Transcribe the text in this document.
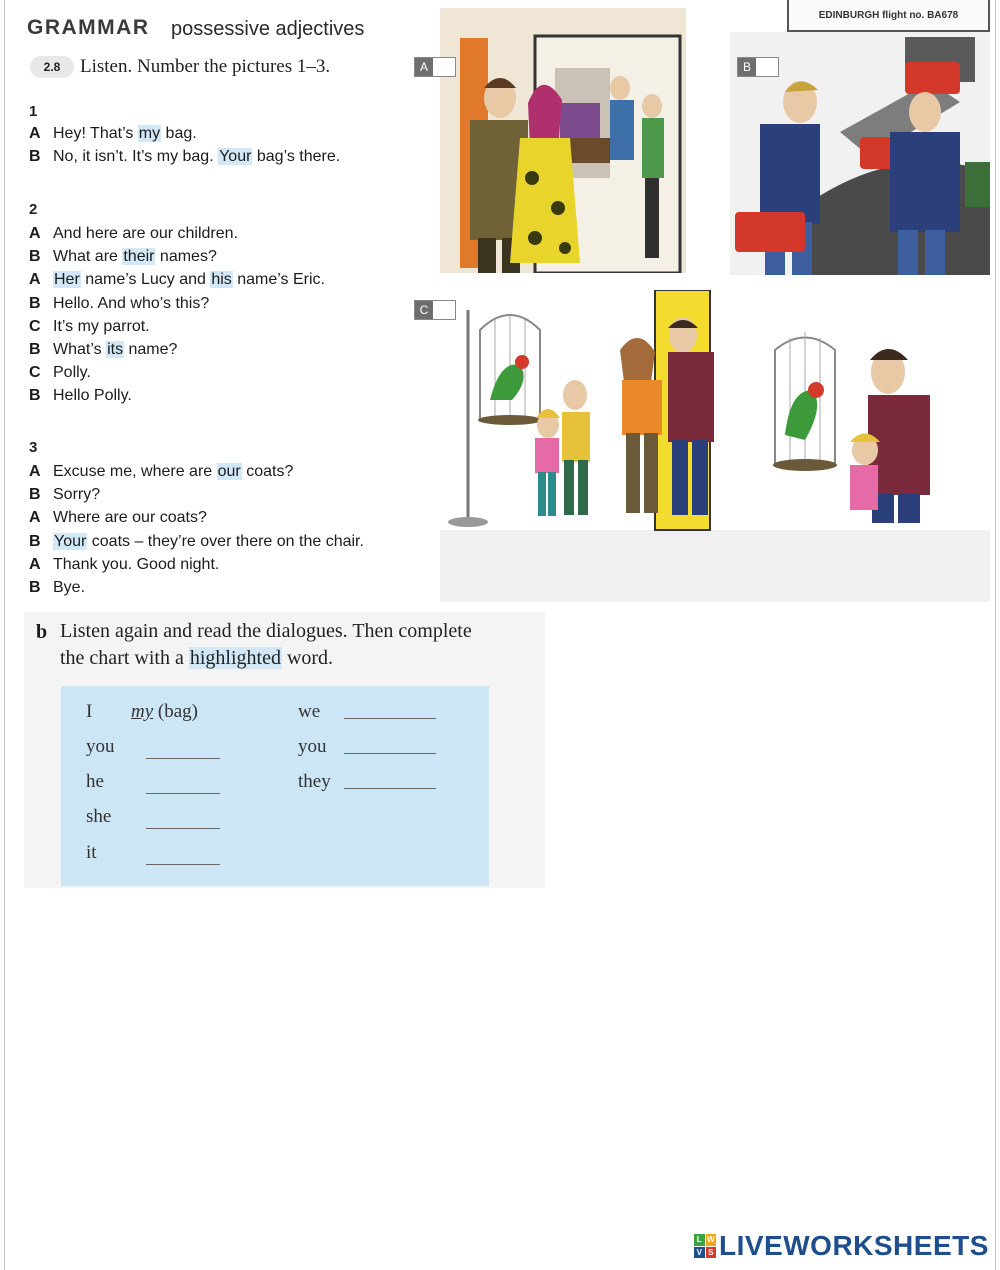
GRAMMAR possessive adjectives
2.8	Listen. Number the pictures 1–3.
1
A Hey! That’s my bag.
B No, it isn’t. It’s my bag. Your bag’s there.
2
A And here are our children.
B What are their names?
A Her name’s Lucy and his name’s Eric.
B Hello. And who’s this?
C It’s my parrot.
B What’s its name?
C Polly.
B Hello Polly.
3
A Excuse me, where are our coats?
B Sorry?
A Where are our coats?
B Your coats – they’re over there on the chair.
A Thank you. Good night.
B Bye.
A
EDINBURGH flight no. BA678
B
C
b Listen again and read the dialogues. Then complete
the chart with a highlighted word.
I my (bag)
you
he
she
it
we
you
they
L W
V S LIVEWORKSHEETS
